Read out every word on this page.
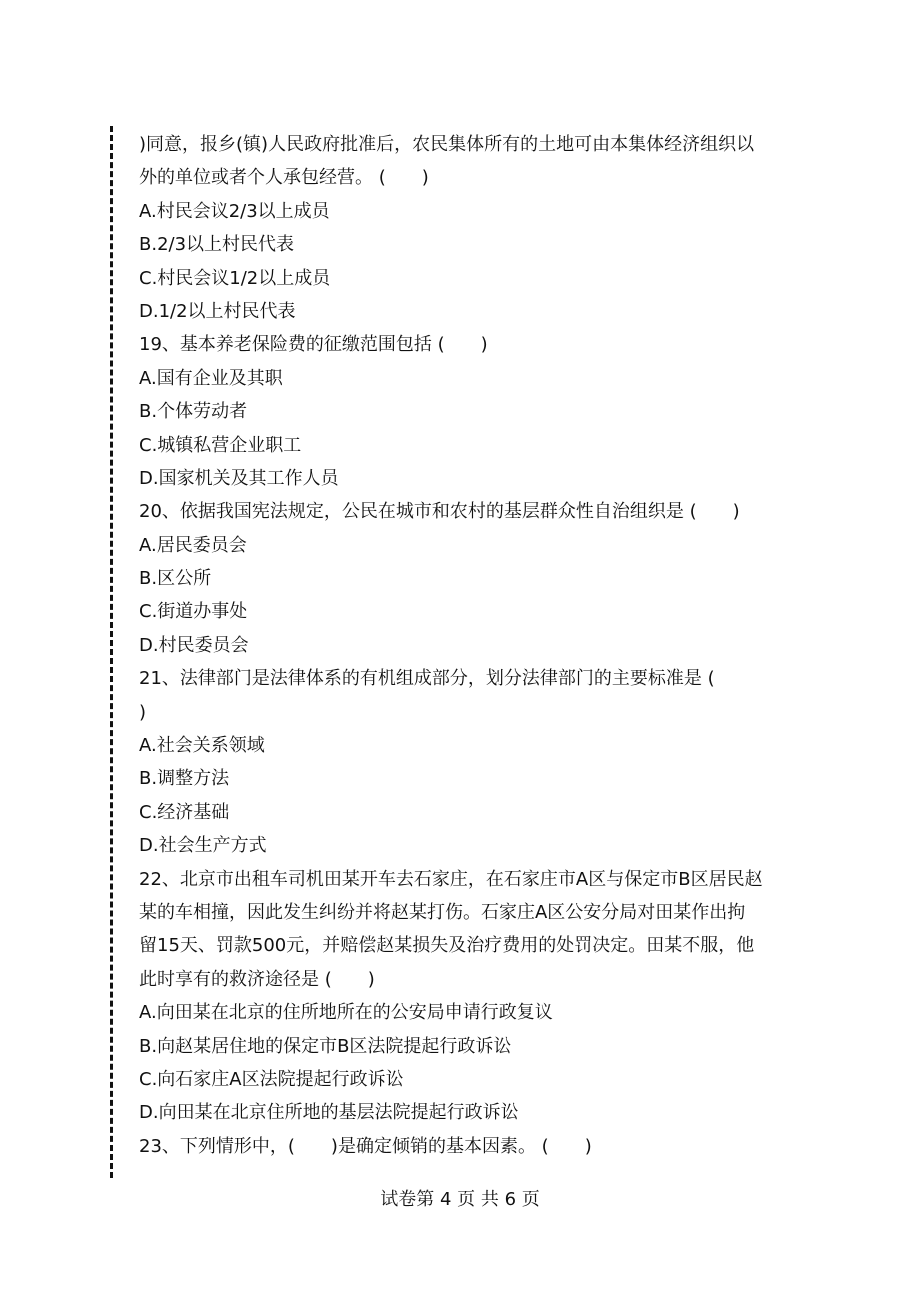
)同意，报乡(镇)人民政府批准后，农民集体所有的土地可由本集体经济组织以
外的单位或者个人承包经营。 (　　)
A.村民会议2/3以上成员
B.2/3以上村民代表
C.村民会议1/2以上成员
D.1/2以上村民代表
19、基本养老保险费的征缴范围包括 (　　)
A.国有企业及其职
B.个体劳动者
C.城镇私营企业职工
D.国家机关及其工作人员
20、依据我国宪法规定，公民在城市和农村的基层群众性自治组织是 (　　)
A.居民委员会
B.区公所
C.街道办事处
D.村民委员会
21、法律部门是法律体系的有机组成部分，划分法律部门的主要标准是 (
)
A.社会关系领域
B.调整方法
C.经济基础
D.社会生产方式
22、北京市出租车司机田某开车去石家庄，在石家庄市A区与保定市B区居民赵
某的车相撞，因此发生纠纷并将赵某打伤。石家庄A区公安分局对田某作出拘
留15天、罚款500元，并赔偿赵某损失及治疗费用的处罚决定。田某不服，他
此时享有的救济途径是 (　　)
A.向田某在北京的住所地所在的公安局申请行政复议
B.向赵某居住地的保定市B区法院提起行政诉讼
C.向石家庄A区法院提起行政诉讼
D.向田某在北京住所地的基层法院提起行政诉讼
23、下列情形中，(　　)是确定倾销的基本因素。 (　　)
试卷第 4 页 共 6 页
